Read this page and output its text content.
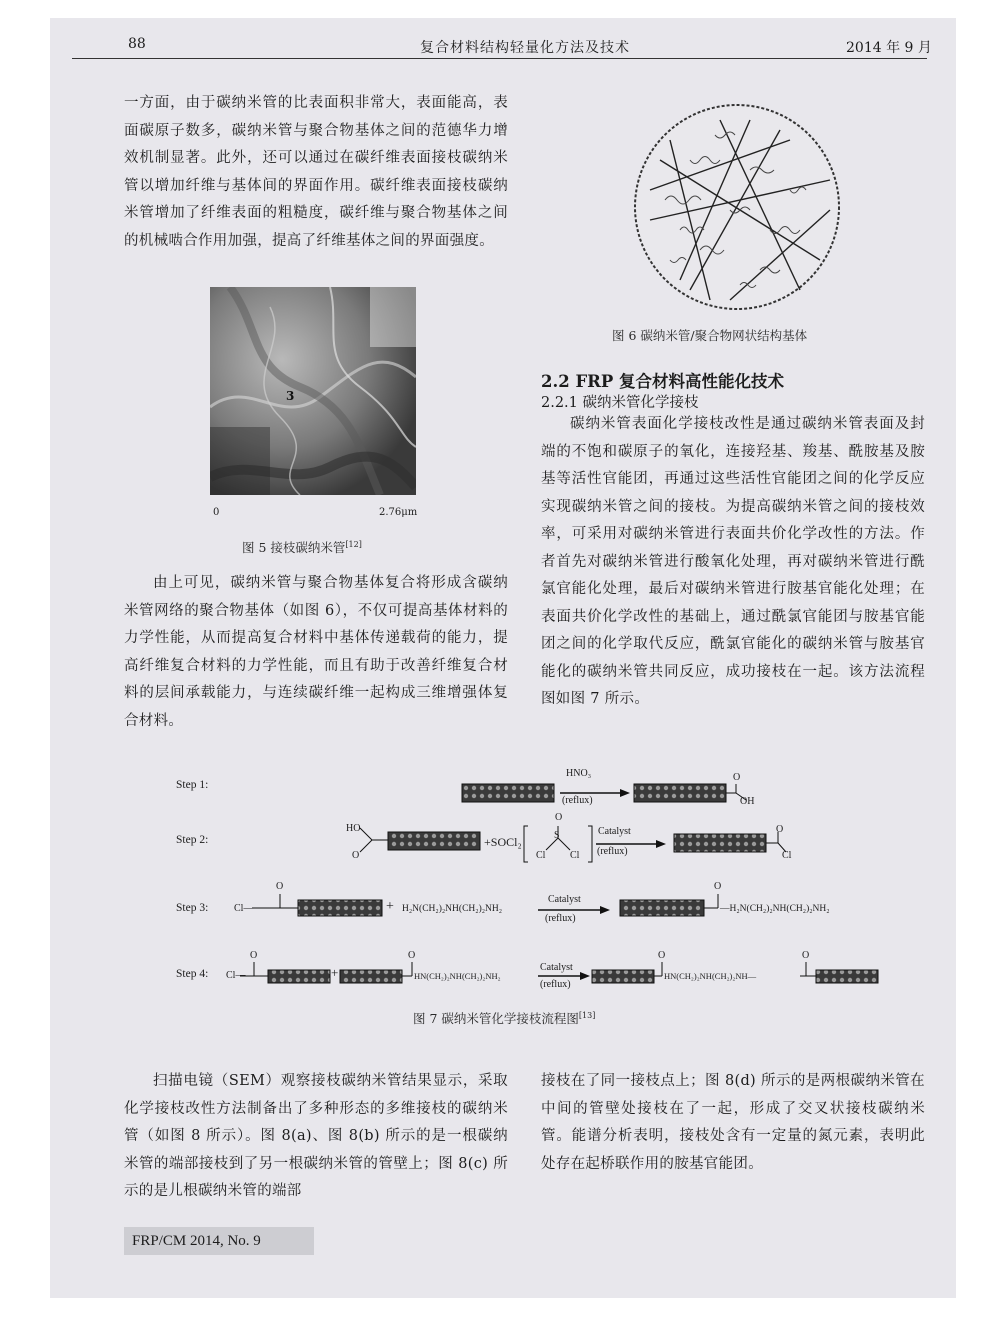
88	复合材料结构轻量化方法及技术	2014 年 9 月

一方面，由于碳纳米管的比表面积非常大，表面能高，表面碳原子数多，碳纳米管与聚合物基体之间的范德华力增效机制显著。此外，还可以通过在碳纤维表面接枝碳纳米管以增加纤维与基体间的界面作用。碳纤维表面接枝碳纳米管增加了纤维表面的粗糙度，碳纤维与聚合物基体之间的机械啮合作用加强，提高了纤维基体之间的界面强度。

3
0	2.76μm
图 5 接枝碳纳米管[12]

由上可见，碳纳米管与聚合物基体复合将形成含碳纳米管网络的聚合物基体（如图 6），不仅可提高基体材料的力学性能，从而提高复合材料中基体传递载荷的能力，提高纤维复合材料的力学性能，而且有助于改善纤维复合材料的层间承载能力，与连续碳纤维一起构成三维增强体复合材料。

图 6 碳纳米管/聚合物网状结构基体
2.2 FRP 复合材料高性能化技术
2.2.1 碳纳米管化学接枝

碳纳米管表面化学接枝改性是通过碳纳米管表面及封端的不饱和碳原子的氧化，连接羟基、羧基、酰胺基及胺基等活性官能团，再通过这些活性官能团之间的化学反应实现碳纳米管之间的接枝。为提高碳纳米管之间的接枝效率，可采用对碳纳米管进行表面共价化学改性的方法。作者首先对碳纳米管进行酸氧化处理，再对碳纳米管进行酰氯官能化处理，最后对碳纳米管进行胺基官能化处理；在表面共价化学改性的基础上，通过酰氯官能团与胺基官能团之间的化学取代反应，酰氯官能化的碳纳米管与胺基官能化的碳纳米管共同反应，成功接枝在一起。该方法流程图如图 7 所示。

Step 1:
Step 2:
Step 3:
Step 4:
HNO₃
(reflux)
O
OH
HO
O
+SOCl₂	S
O
Cl Cl
Catalyst
(reflux)
O
Cl
Cl—
O
+ H₂N(CH₂)₂NH(CH₂)₂NH₂
Catalyst
(reflux)
O
—H₂N(CH₂)₂NH(CH₂)₂NH₂
Cl—
O
+
O
HN(CH₂)₂NH(CH₂)₂NH₂
Catalyst
(reflux)
O
HN(CH₂)₂NH(CH₂)₂NH—
O
图 7 碳纳米管化学接枝流程图[13]

扫描电镜（SEM）观察接枝碳纳米管结果显示，采取化学接枝改性方法制备出了多种形态的多维接枝的碳纳米管（如图 8 所示）。图 8(a)、图 8(b) 所示的是一根碳纳米管的端部接枝到了另一根碳纳米管的管壁上；图 8(c) 所示的是儿根碳纳米管的端部

接枝在了同一接枝点上；图 8(d) 所示的是两根碳纳米管在中间的管壁处接枝在了一起，形成了交叉状接枝碳纳米管。能谱分析表明，接枝处含有一定量的氮元素，表明此处存在起桥联作用的胺基官能团。

FRP/CM 2014, No. 9
